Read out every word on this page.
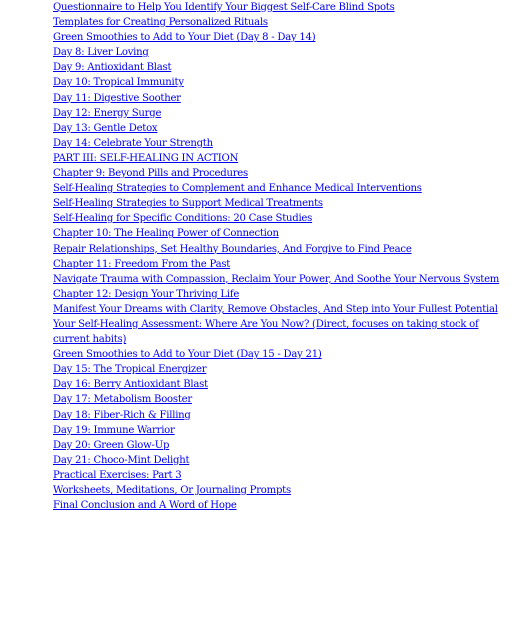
Questionnaire to Help You Identify Your Biggest Self-Care Blind Spots
Templates for Creating Personalized Rituals
Green Smoothies to Add to Your Diet (Day 8 - Day 14)
Day 8: Liver Loving
Day 9: Antioxidant Blast
Day 10: Tropical Immunity
Day 11: Digestive Soother
Day 12: Energy Surge
Day 13: Gentle Detox
Day 14: Celebrate Your Strength
PART III: SELF-HEALING IN ACTION
Chapter 9: Beyond Pills and Procedures
Self-Healing Strategies to Complement and Enhance Medical Interventions
Self-Healing Strategies to Support Medical Treatments
Self-Healing for Specific Conditions: 20 Case Studies
Chapter 10: The Healing Power of Connection
Repair Relationships, Set Healthy Boundaries, And Forgive to Find Peace
Chapter 11: Freedom From the Past
Navigate Trauma with Compassion, Reclaim Your Power, And Soothe Your Nervous System
Chapter 12: Design Your Thriving Life
Manifest Your Dreams with Clarity, Remove Obstacles, And Step into Your Fullest Potential
Your Self-Healing Assessment: Where Are You Now? (Direct, focuses on taking stock of current habits)
Green Smoothies to Add to Your Diet (Day 15 - Day 21)
Day 15: The Tropical Energizer
Day 16: Berry Antioxidant Blast
Day 17: Metabolism Booster
Day 18: Fiber-Rich & Filling
Day 19: Immune Warrior
Day 20: Green Glow-Up
Day 21: Choco-Mint Delight
Practical Exercises: Part 3
Worksheets, Meditations, Or Journaling Prompts
Final Conclusion and A Word of Hope
